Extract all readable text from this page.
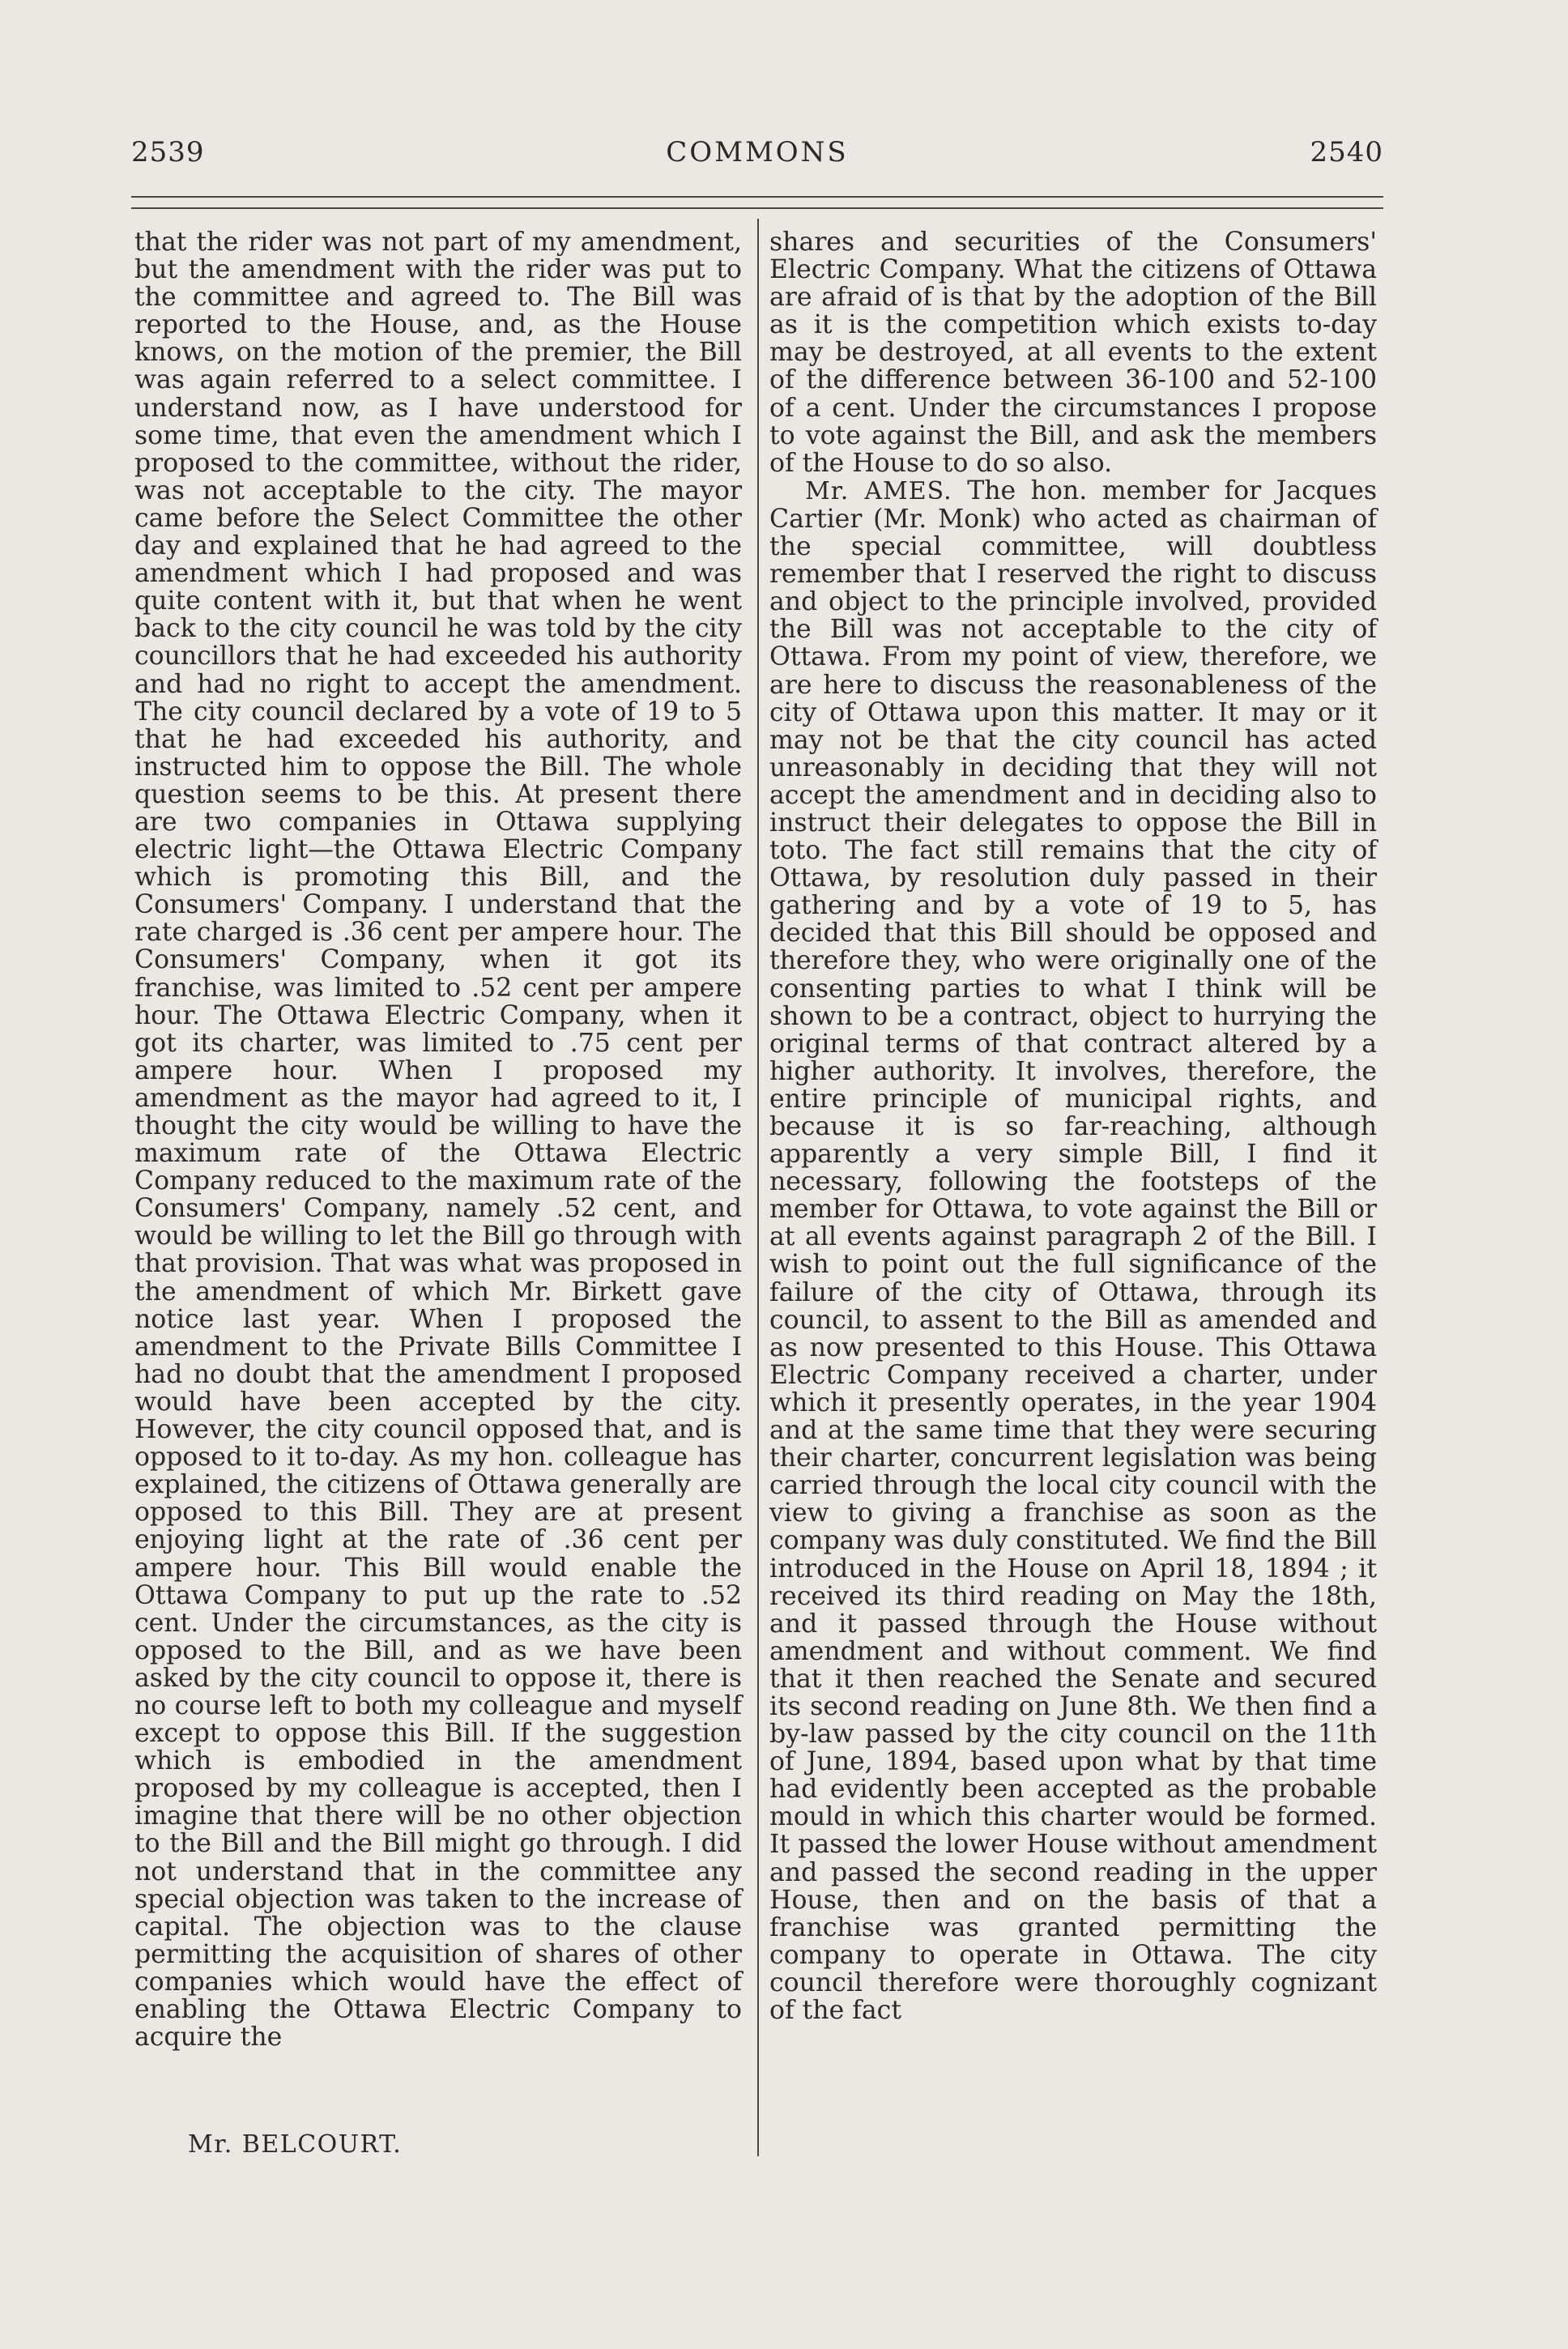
2539	COMMONS	2540

that the rider was not part of my amendment, but the amendment with the rider was put to the committee and agreed to. The Bill was reported to the House, and, as the House knows, on the motion of the premier, the Bill was again referred to a select committee. I understand now, as I have understood for some time, that even the amendment which I proposed to the committee, without the rider, was not acceptable to the city. The mayor came before the Select Committee the other day and explained that he had agreed to the amendment which I had proposed and was quite content with it, but that when he went back to the city council he was told by the city councillors that he had exceeded his authority and had no right to accept the amendment. The city council declared by a vote of 19 to 5 that he had exceeded his authority, and instructed him to oppose the Bill. The whole question seems to be this. At present there are two companies in Ottawa supplying electric light—the Ottawa Electric Company which is promoting this Bill, and the Consumers' Company. I understand that the rate charged is .36 cent per ampere hour. The Consumers' Company, when it got its franchise, was limited to .52 cent per ampere hour. The Ottawa Electric Company, when it got its charter, was limited to .75 cent per ampere hour. When I proposed my amendment as the mayor had agreed to it, I thought the city would be willing to have the maximum rate of the Ottawa Electric Company reduced to the maximum rate of the Consumers' Company, namely .52 cent, and would be willing to let the Bill go through with that provision. That was what was proposed in the amendment of which Mr. Birkett gave notice last year. When I proposed the amendment to the Private Bills Committee I had no doubt that the amendment I proposed would have been accepted by the city. However, the city council opposed that, and is opposed to it to-day. As my hon. colleague has explained, the citizens of Ottawa generally are opposed to this Bill. They are at present enjoying light at the rate of .36 cent per ampere hour. This Bill would enable the Ottawa Company to put up the rate to .52 cent. Under the circumstances, as the city is opposed to the Bill, and as we have been asked by the city council to oppose it, there is no course left to both my colleague and myself except to oppose this Bill. If the suggestion which is embodied in the amendment proposed by my colleague is accepted, then I imagine that there will be no other objection to the Bill and the Bill might go through. I did not understand that in the committee any special objection was taken to the increase of capital. The objection was to the clause permitting the acquisition of shares of other companies which would have the effect of enabling the Ottawa Electric Company to acquire the

shares and securities of the Consumers' Electric Company. What the citizens of Ottawa are afraid of is that by the adoption of the Bill as it is the competition which exists to-day may be destroyed, at all events to the extent of the difference between 36-100 and 52-100 of a cent. Under the circumstances I propose to vote against the Bill, and ask the members of the House to do so also.

Mr. AMES. The hon. member for Jacques Cartier (Mr. Monk) who acted as chairman of the special committee, will doubtless remember that I reserved the right to discuss and object to the principle involved, provided the Bill was not acceptable to the city of Ottawa. From my point of view, therefore, we are here to discuss the reasonableness of the city of Ottawa upon this matter. It may or it may not be that the city council has acted unreasonably in deciding that they will not accept the amendment and in deciding also to instruct their delegates to oppose the Bill in toto. The fact still remains that the city of Ottawa, by resolution duly passed in their gathering and by a vote of 19 to 5, has decided that this Bill should be opposed and therefore they, who were originally one of the consenting parties to what I think will be shown to be a contract, object to hurrying the original terms of that contract altered by a higher authority. It involves, therefore, the entire principle of municipal rights, and because it is so far-reaching, although apparently a very simple Bill, I find it necessary, following the footsteps of the member for Ottawa, to vote against the Bill or at all events against paragraph 2 of the Bill. I wish to point out the full significance of the failure of the city of Ottawa, through its council, to assent to the Bill as amended and as now presented to this House. This Ottawa Electric Company received a charter, under which it presently operates, in the year 1904 and at the same time that they were securing their charter, concurrent legislation was being carried through the local city council with the view to giving a franchise as soon as the company was duly constituted. We find the Bill introduced in the House on April 18, 1894 ; it received its third reading on May the 18th, and it passed through the House without amendment and without comment. We find that it then reached the Senate and secured its second reading on June 8th. We then find a by-law passed by the city council on the 11th of June, 1894, based upon what by that time had evidently been accepted as the probable mould in which this charter would be formed. It passed the lower House without amendment and passed the second reading in the upper House, then and on the basis of that a franchise was granted permitting the company to operate in Ottawa. The city council therefore were thoroughly cognizant of the fact

Mr. BELCOURT.
